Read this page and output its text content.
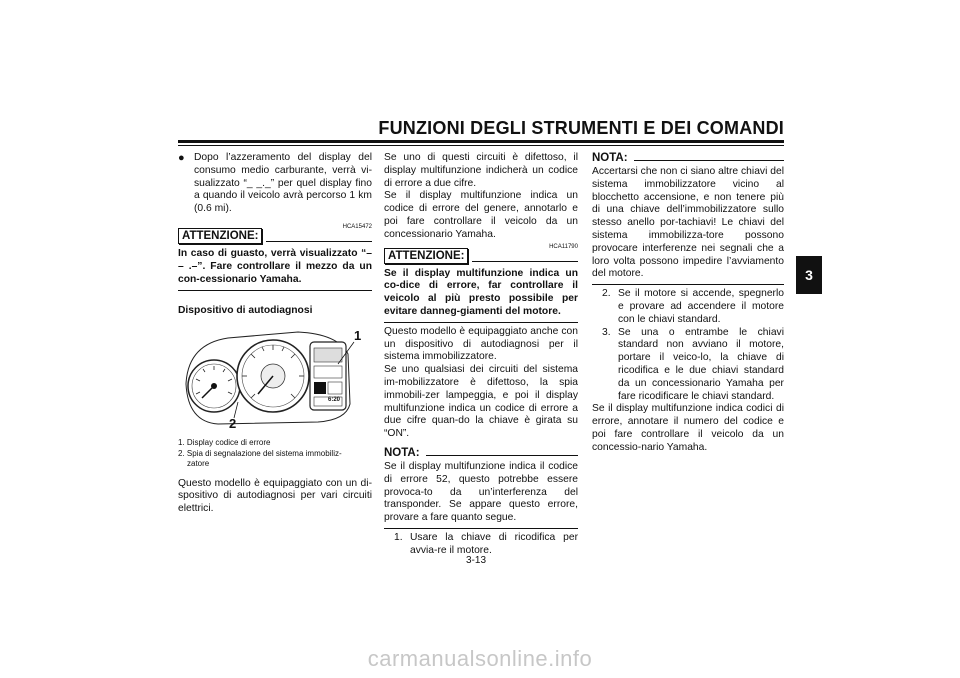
FUNZIONI DEGLI STRUMENTI E DEI COMANDI
3
● Dopo l’azzeramento del display del consumo medio carburante, verrà vi-sualizzato “_ _._” per quel display fino a quando il veicolo avrà percorso 1 km (0.6 mi).
HCA15472
ATTENZIONE:
In caso di guasto, verrà visualizzato “– – .–”. Fare controllare il mezzo da un con-cessionario Yamaha.
Dispositivo di autodiagnosi
6:20
1
2
1. Display codice di errore
2. Spia di segnalazione del sistema immobiliz-
zatore
Questo modello è equipaggiato con un di-spositivo di autodiagnosi per vari circuiti elettrici.
Se uno di questi circuiti è difettoso, il display multifunzione indicherà un codice di errore a due cifre.
Se il display multifunzione indica un codice di errore del genere, annotarlo e poi fare controllare il veicolo da un concessionario Yamaha.
HCA11790
ATTENZIONE:
Se il display multifunzione indica un co-dice di errore, far controllare il veicolo al più presto possibile per evitare danneg-giamenti del motore.
Questo modello è equipaggiato anche con un dispositivo di autodiagnosi per il sistema immobilizzatore.
Se uno qualsiasi dei circuiti del sistema im-mobilizzatore è difettoso, la spia immobili-zer lampeggia, e poi il display multifunzione indica un codice di errore a due cifre quan-do la chiave è girata su “ON”.
NOTA:
Se il display multifunzione indica il codice di errore 52, questo potrebbe essere provoca-to da un’interferenza del transponder. Se appare questo errore, provare a fare quanto segue.
1. Usare la chiave di ricodifica per avvia-re il motore.
NOTA:
Accertarsi che non ci siano altre chiavi del sistema immobilizzatore vicino al blocchetto accensione, e non tenere più di una chiave dell’immobilizzatore sullo stesso anello por-tachiavi! Le chiavi del sistema immobilizza-tore possono provocare interferenze nei segnali che a loro volta possono impedire l’avviamento del motore.
2. Se il motore si accende, spegnerlo e provare ad accendere il motore con le chiavi standard.
3. Se una o entrambe le chiavi standard non avviano il motore, portare il veico-lo, la chiave di ricodifica e le due chiavi standard da un concessionario Yamaha per fare ricodificare le chiavi standard.
Se il display multifunzione indica codici di errore, annotare il numero del codice e poi fare controllare il veicolo da un concessio-nario Yamaha.
3-13
carmanualsonline.info
